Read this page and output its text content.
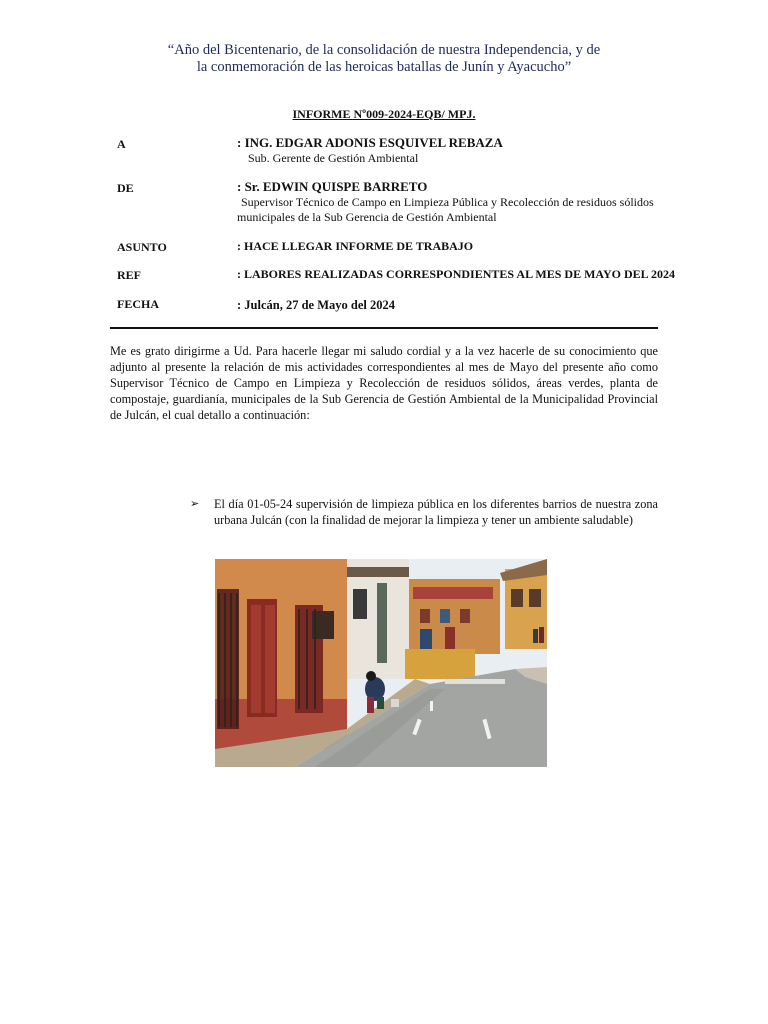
“Año del Bicentenario, de la consolidación de nuestra Independencia, y de
la conmemoración de las heroicas batallas de Junín y Ayacucho”
INFORME Nº009-2024-EQB/ MPJ.
A	: ING. EDGAR ADONIS ESQUIVEL REBAZA
Sub. Gerente de Gestión Ambiental
DE	: Sr. EDWIN QUISPE BARRETO
Supervisor Técnico de Campo en Limpieza Pública y Recolección de residuos sólidos
municipales de la Sub Gerencia de Gestión Ambiental
ASUNTO	: HACE LLEGAR INFORME DE TRABAJO
REF	: LABORES REALIZADAS CORRESPONDIENTES AL MES DE MAYO DEL 2024
FECHA	: Julcán, 27 de Mayo del 2024
Me es grato dirigirme a Ud. Para hacerle llegar mi saludo cordial y a la vez hacerle de su conocimiento que adjunto al presente la relación de mis actividades correspondientes al mes de Mayo del presente año como Supervisor Técnico de Campo en Limpieza y Recolección de residuos sólidos, áreas verdes, planta de compostaje, guardianía, municipales de la Sub Gerencia de Gestión Ambiental de la Municipalidad Provincial de Julcán, el cual detallo a continuación:
➢	El día 01-05-24 supervisión de limpieza pública en los diferentes barrios de nuestra zona urbana Julcán (con la finalidad de mejorar la limpieza y tener un ambiente saludable)
